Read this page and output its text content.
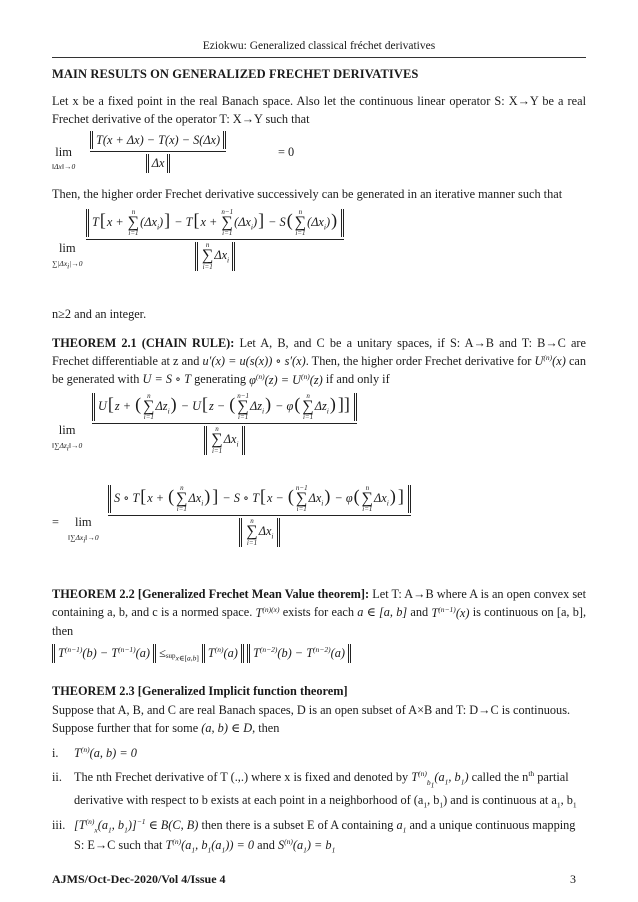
Eziokwu: Generalized classical fréchet derivatives
MAIN RESULTS ON GENERALIZED FRECHET DERIVATIVES

Let x be a fixed point in the real Banach space. Also let the continuous linear operator S: X→Y be a real Frechet derivative of the operator T: X→Y such that

lim
‖Δx‖→0
T(x + Δx) − T(x) − S(Δx)
Δx
= 0

Then, the higher order Frechet derivative successively can be generated in an iterative manner such that

lim
$\sum|\Delta x_i|\to 0$
T[x +
n
∑
i=1
$(\Delta x_i)] - T[x$ +
n−1
∑
i=1
$(\Delta x_i)] - S$( n
∑
i=1
$(\Delta x_i)$)
n
∑
i=1
$\Delta x_i$

n≥2 and an integer.

THEOREM 2.1 (CHAIN RULE): Let A, B, and C be a unitary spaces, if S: A→B and T: B→C are Frechet differentiable at z and u′(x) = u(s(x)) ∘ s′(x). Then, the higher order Frechet derivative for $U^{(n)}(x)$ can be generated with U = S ∘ T generating $\varphi^{(n)}(z) = U^{(n)}(z)$ if and only if

lim
$‖\sum\Delta z_i‖\to 0$
U[z + ( n
∑
i=1
$\Delta z_i) - U[z$ − ( n−1
∑
i=1
$\Delta z_i) - \varphi$( n
∑
i=1
$\Delta z_i$) ]]
n
∑
i=1
$\Delta x_i$
=	lim
$‖\sum\Delta x_i‖\to 0$
S ∘ T[x + ( n
∑
i=1
$\Delta x_i$) ] − S ∘ T[x − ( n−1
∑
i=1
$\Delta x_i) - \varphi$( n
∑
i=1
$\Delta x_i$) ]
n
∑
i=1
$\Delta x_i$

THEOREM 2.2 [Generalized Frechet Mean Value theorem]: Let T: A→B where A is an open convex set containing a, b, and c is a normed space. $T^{(n)(x)}$ exists for each a ∈ [a, b] and $T^{(n-1)}(x)$ is continuous on [a, b], then

$T^{(n-1)}(b) - T^{(n-1)}(a) \le sup_{x\in[a,b]}$ $T^{(n)}(a) T^{(n-2)}(b) - T^{(n-2)}(a)$

THEOREM 2.3 [Generalized Implicit function theorem]

Suppose that A, B, and C are real Banach spaces, D is an open subset of A×B and T: D→C is continuous.

Suppose further that for some (a, b) ∈ D, then

i. $T^{(n)}(a$, b) = 0
ii. The nth Frechet derivative of T (.,.) where x is fixed and denoted by $T^{(n)}_{b_1}(a_1$, $b_1$) called the $n^{th}$ partial derivative with respect to b exists at each point in a neighborhood of ($a_1$, $b_1$) and is continuous at $a_1$, $b_1$
iii. [$T^{(n)}_x(a_1$, $b_1)]^{-1}$ ∈ B(C, B) then there is a subset E of A containing $a_1$ and a unique continuous mapping S: E→C such that $T^{(n)}(a_1$, $b_1(a_1)) = 0$ and $S^{(n)}(a_1) = b_1$
AJMS/Oct-Dec-2020/Vol 4/Issue 4	3
